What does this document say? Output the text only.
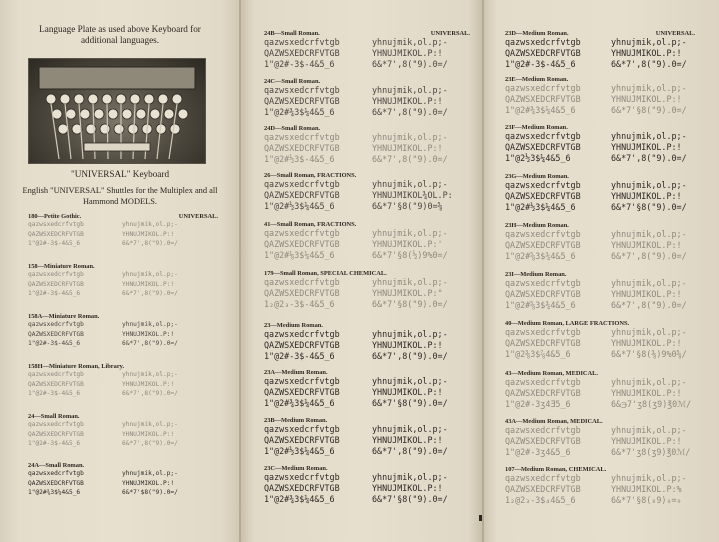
Language Plate as used above Keyboard for additional languages.
"UNIVERSAL" Keyboard
English "UNIVERSAL" Shuttles for the Multiplex and all Hammond MODELS.
180—Petite Gothic.	UNIVERSAL.
qazwsxedcrfvtgb	yhnujmik,ol.p;-
QAZWSXEDCRFVTGB	YHNUJMIKOL.P:!
1"@2#-3$-4&5_6	6&*7',8("9).0=/
158—Miniature Roman.
qazwsxedcrfvtgb	yhnujmik,ol.p;-
QAZWSXEDCRFVTGB	YHNUJMIKOL.P:!
1"@2#-3$-4&5_6	6&*7',8("9).0=/
158A—Miniature Roman.
qazwsxedcrfvtgb	yhnujmik,ol.p;-
QAZWSXEDCRFVTGB	YHNUJMIKOL.P:!
1"@2#-3$-4&5_6	6&*7',8("9).0=/
158H—Miniature Roman, Library.
qazwsxedcrfvtgb	yhnujmik,ol.p;-
QAZWSXEDCRFVTGB	YHNUJMIKOL.P:!
1"@2#-3$-4&5_6	6&*7',8("9).0=/
24—Small Roman.
qazwsxedcrfvtgb	yhnujmik,ol.p;-
QAZWSXEDCRFVTGB	YHNUJMIKOL.P:!
1"@2#-3$-4&5_6	6&*7',8("9).0=/
24A—Small Roman.
qazwsxedcrfvtgb	yhnujmik,ol.p;-
QAZWSXEDCRFVTGB	YHNUJMIKOL.P:!
1"@2#¾3$¼4&5_6	6&*7'$8("9).0=/
24B—Small Roman.	UNIVERSAL.
qazwsxedcrfvtgb	yhnujmik,ol.p;-
QAZWSXEDCRFVTGB	YHNUJMIKOL.P:!
1"@2#-3$-4&5_6	6&*7',8("9).0=/
24C—Small Roman.
qazwsxedcrfvtgb	yhnujmik,ol.p;-
QAZWSXEDCRFVTGB	YHNUJMIKOL.P:!
1"@2#¾3$¼4&5_6	6&*7',8("9).0=/
24D—Small Roman.
qazwsxedcrfvtgb	yhnujmik,ol.p;-
QAZWSXEDCRFVTGB	YHNUJMIKOL.P:!
1"@2#½3$-4&5_6	6&*7',8("9).0=/
26—Small Roman, FRACTIONS.
qazwsxedcrfvtgb	yhnujmik,ol.p;-
QAZWSXEDCRFVTGB	YHNUJMIKOL¾OL.P:
1"@2#½3$¼4&5_6	6&*7'§8("9)0=⅝
41—Small Roman, FRACTIONS.
qazwsxedcrfvtgb	yhnujmik,ol.p;-
QAZWSXEDCRFVTGB	YHNUJMIKOL.P:'
1"@2#⅛3$¼4&5_6	6&*7'§8(½)9%0=/
179—Small Roman, SPECIAL CHEMICAL.
qazwsxedcrfvtgb	yhnujmik,ol.p;-
QAZWSXEDCRFVTGB	YHNUJMIKOL.P:°
1₂@2₃-3$-4&5_6	6&*7'§8("9).0=/
23—Medium Roman.
qazwsxedcrfvtgb	yhnujmik,ol.p;-
QAZWSXEDCRFVTGB	YHNUJMIKOL.P:!
1"@2#-3$-4&5_6	6&*7',8("9).0=/
23A—Medium Roman.
qazwsxedcrfvtgb	yhnujmik,ol.p;-
QAZWSXEDCRFVTGB	YHNUJMIKOL.P:!
1"@2#¾3$¼4&5_6	6&*7'§8("9).0=/
23B—Medium Roman.
qazwsxedcrfvtgb	yhnujmik,ol.p;-
QAZWSXEDCRFVTGB	YHNUJMIKOL.P:!
1"@2#½3$¼4&5_6	6&*7',8("9).0=/
23C—Medium Roman.
qazwsxedcrfvtgb	yhnujmik,ol.p;-
QAZWSXEDCRFVTGB	YHNUJMIKOL.P:!
1"@2#¾3$¼4&5_6	6&*7'§8("9).0=/
23D—Medium Roman.	UNIVERSAL.
qazwsxedcrfvtgb	yhnujmik,ol.p;-
QAZWSXEDCRFVTGB	YHNUJMIKOL.P:!
1"@2#-3$-4&5_6	6&*7',8("9).0=/
23E—Medium Roman.
qazwsxedcrfvtgb	yhnujmik,ol.p;-
QAZWSXEDCRFVTGB	YHNUJMIKOL.P:!
1"@2#¾3$¼4&5_6	6&*7'§8("9).0=/
23F—Medium Roman.
qazwsxedcrfvtgb	yhnujmik,ol.p;-
QAZWSXEDCRFVTGB	YHNUJMIKOL.P:!
1"@2½3$¼4&5_6	6&*7',8("9).0=/
23G—Medium Roman.
qazwsxedcrfvtgb	yhnujmik,ol.p;-
QAZWSXEDCRFVTGB	YHNUJMIKOL.P:!
1"@2#½3$¼4&5_6	6&*7'§8("9).0=/
23H—Medium Roman.
qazwsxedcrfvtgb	yhnujmik,ol.p;-
QAZWSXEDCRFVTGB	YHNUJMIKOL.P:!
1"@2#⅝3$¾4&5_6	6&*7',8("9).0=/
23I—Medium Roman.
qazwsxedcrfvtgb	yhnujmik,ol.p;-
QAZWSXEDCRFVTGB	YHNUJMIKOL.P:!
1"@2#⅝3$¾4&5_6	6&*7',8("9).0=/
40—Medium Roman, LARGE FRACTIONS.
qazwsxedcrfvtgb	yhnujmik,ol.p;-
QAZWSXEDCRFVTGB	YHNUJMIKOL.P:!
1"@2⅜3$⅞4&5_6	6&*7'§8(⅜)9%0⅝/
43—Medium Roman, MEDICAL.
qazwsxedcrfvtgb	yhnujmik,ol.p;-
QAZWSXEDCRFVTGB	YHNUJMIKOL.P:!
1"@2#-3ʒ4Ǝ5_6	6&℈7'ʒ8(ʒ9)℥0ℳ/
43A—Medium Roman, MEDICAL.
qazwsxedcrfvtgb	yhnujmik,ol.p;-
QAZWSXEDCRFVTGB	YHNUJMIKOL.P:!
1"@2#-3ʒ4&5_6	6&*7'ʒ8(ʒ9)℥0ℳ/
107—Medium Roman, CHEMICAL.
qazwsxedcrfvtgb	yhnujmik,ol.p;-
QAZWSXEDCRFVTGB	YHNUJMIKOL.P:%
1₂@2₃-3$₄4&5_6	6&*7'§8(₈9)₀=₉
